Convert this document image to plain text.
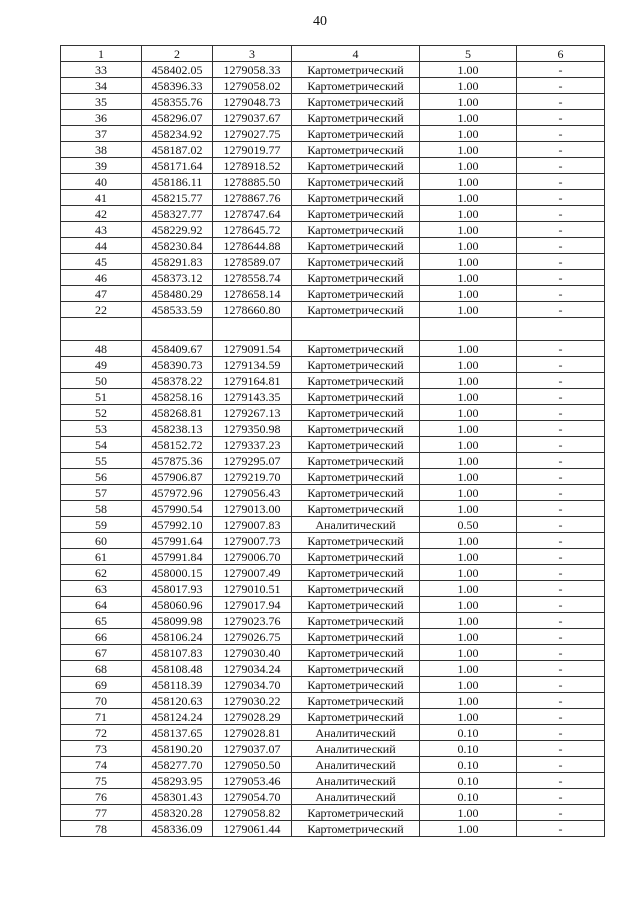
40
1	2	3	4	5	6
33	458402.05	1279058.33	Картометрический	1.00	-
34	458396.33	1279058.02	Картометрический	1.00	-
35	458355.76	1279048.73	Картометрический	1.00	-
36	458296.07	1279037.67	Картометрический	1.00	-
37	458234.92	1279027.75	Картометрический	1.00	-
38	458187.02	1279019.77	Картометрический	1.00	-
39	458171.64	1278918.52	Картометрический	1.00	-
40	458186.11	1278885.50	Картометрический	1.00	-
41	458215.77	1278867.76	Картометрический	1.00	-
42	458327.77	1278747.64	Картометрический	1.00	-
43	458229.92	1278645.72	Картометрический	1.00	-
44	458230.84	1278644.88	Картометрический	1.00	-
45	458291.83	1278589.07	Картометрический	1.00	-
46	458373.12	1278558.74	Картометрический	1.00	-
47	458480.29	1278658.14	Картометрический	1.00	-
22	458533.59	1278660.80	Картометрический	1.00	-

48	458409.67	1279091.54	Картометрический	1.00	-
49	458390.73	1279134.59	Картометрический	1.00	-
50	458378.22	1279164.81	Картометрический	1.00	-
51	458258.16	1279143.35	Картометрический	1.00	-
52	458268.81	1279267.13	Картометрический	1.00	-
53	458238.13	1279350.98	Картометрический	1.00	-
54	458152.72	1279337.23	Картометрический	1.00	-
55	457875.36	1279295.07	Картометрический	1.00	-
56	457906.87	1279219.70	Картометрический	1.00	-
57	457972.96	1279056.43	Картометрический	1.00	-
58	457990.54	1279013.00	Картометрический	1.00	-
59	457992.10	1279007.83	Аналитический	0.50	-
60	457991.64	1279007.73	Картометрический	1.00	-
61	457991.84	1279006.70	Картометрический	1.00	-
62	458000.15	1279007.49	Картометрический	1.00	-
63	458017.93	1279010.51	Картометрический	1.00	-
64	458060.96	1279017.94	Картометрический	1.00	-
65	458099.98	1279023.76	Картометрический	1.00	-
66	458106.24	1279026.75	Картометрический	1.00	-
67	458107.83	1279030.40	Картометрический	1.00	-
68	458108.48	1279034.24	Картометрический	1.00	-
69	458118.39	1279034.70	Картометрический	1.00	-
70	458120.63	1279030.22	Картометрический	1.00	-
71	458124.24	1279028.29	Картометрический	1.00	-
72	458137.65	1279028.81	Аналитический	0.10	-
73	458190.20	1279037.07	Аналитический	0.10	-
74	458277.70	1279050.50	Аналитический	0.10	-
75	458293.95	1279053.46	Аналитический	0.10	-
76	458301.43	1279054.70	Аналитический	0.10	-
77	458320.28	1279058.82	Картометрический	1.00	-
78	458336.09	1279061.44	Картометрический	1.00	-
